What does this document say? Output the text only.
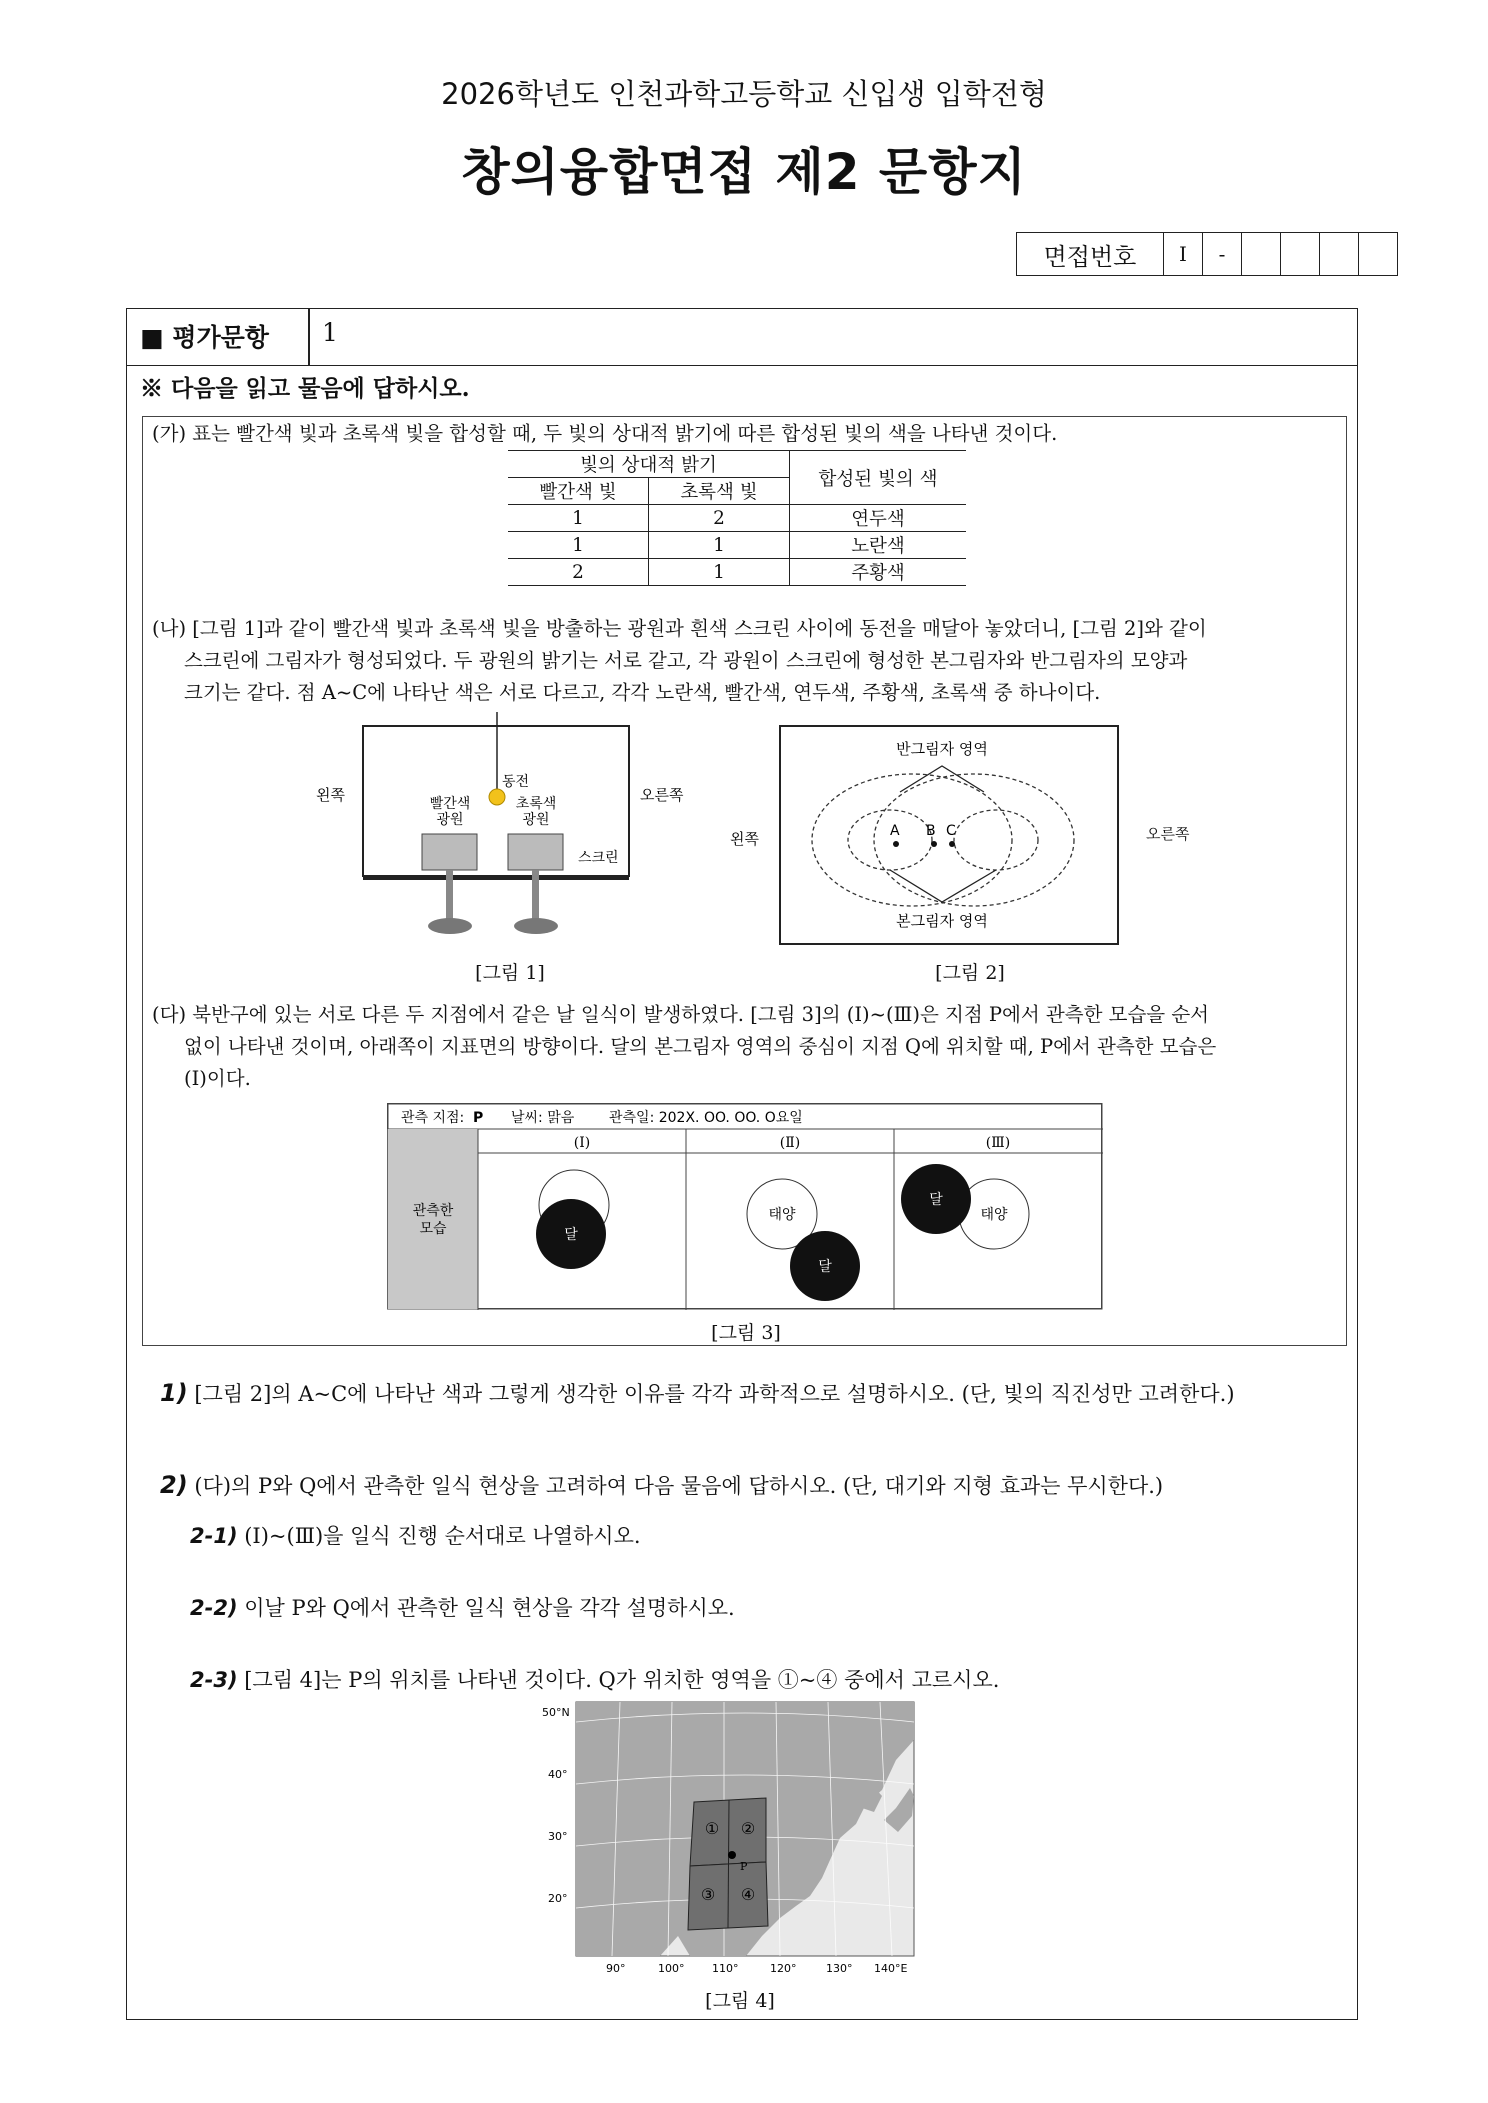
2026학년도 인천과학고등학교 신입생 입학전형
창의융합면접 제2 문항지
면접번호	I	-
■ 평가문항 1
※ 다음을 읽고 물음에 답하시오.
(가) 표는 빨간색 빛과 초록색 빛을 합성할 때, 두 빛의 상대적 밝기에 따른 합성된 빛의 색을 나타낸 것이다.
빛의 상대적 밝기		합성된 빛의 색
빨간색 빛	초록색 빛	
1	2	연두색
1	1	노란색
2	1	주황색
(나) [그림 1]과 같이 빨간색 빛과 초록색 빛을 방출하는 광원과 흰색 스크린 사이에 동전을 매달아 놓았더니, [그림 2]와 같이
스크린에 그림자가 형성되었다. 두 광원의 밝기는 서로 같고, 각 광원이 스크린에 형성한 본그림자와 반그림자의 모양과
크기는 같다. 점 A~C에 나타난 색은 서로 다르고, 각각 노란색, 빨간색, 연두색, 주황색, 초록색 중 하나이다.
왼쪽	오른쪽
동전
빨간색
광원
초록색
광원
스크린
[그림 1]
A B C
반그림자 영역
본그림자 영역
왼쪽	오른쪽
[그림 2]
(다) 북반구에 있는 서로 다른 두 지점에서 같은 날 일식이 발생하였다. [그림 3]의 (Ⅰ)~(Ⅲ)은 지점 P에서 관측한 모습을 순서
없이 나타낸 것이며, 아래쪽이 지표면의 방향이다. 달의 본그림자 영역의 중심이 지점 Q에 위치할 때, P에서 관측한 모습은
(Ⅰ)이다.
관측 지점: P 날씨: 맑음 관측일: 202X. OO. OO. O요일
(Ⅰ)	(Ⅱ)	(Ⅲ)
관측한
모습	달
태양
달
태양
달
[그림 3]
1) [그림 2]의 A~C에 나타난 색과 그렇게 생각한 이유를 각각 과학적으로 설명하시오. (단, 빛의 직진성만 고려한다.)
2) (다)의 P와 Q에서 관측한 일식 현상을 고려하여 다음 물음에 답하시오. (단, 대기와 지형 효과는 무시한다.)
2-1) (Ⅰ)~(Ⅲ)을 일식 진행 순서대로 나열하시오.
2-2) 이날 P와 Q에서 관측한 일식 현상을 각각 설명하시오.
2-3) [그림 4]는 P의 위치를 나타낸 것이다. Q가 위치한 영역을 ①~④ 중에서 고르시오.
① ②
③ ④
P
50°N
40°
30°
20°
90°	100°	110°	120°	130° 140°E
[그림 4]
